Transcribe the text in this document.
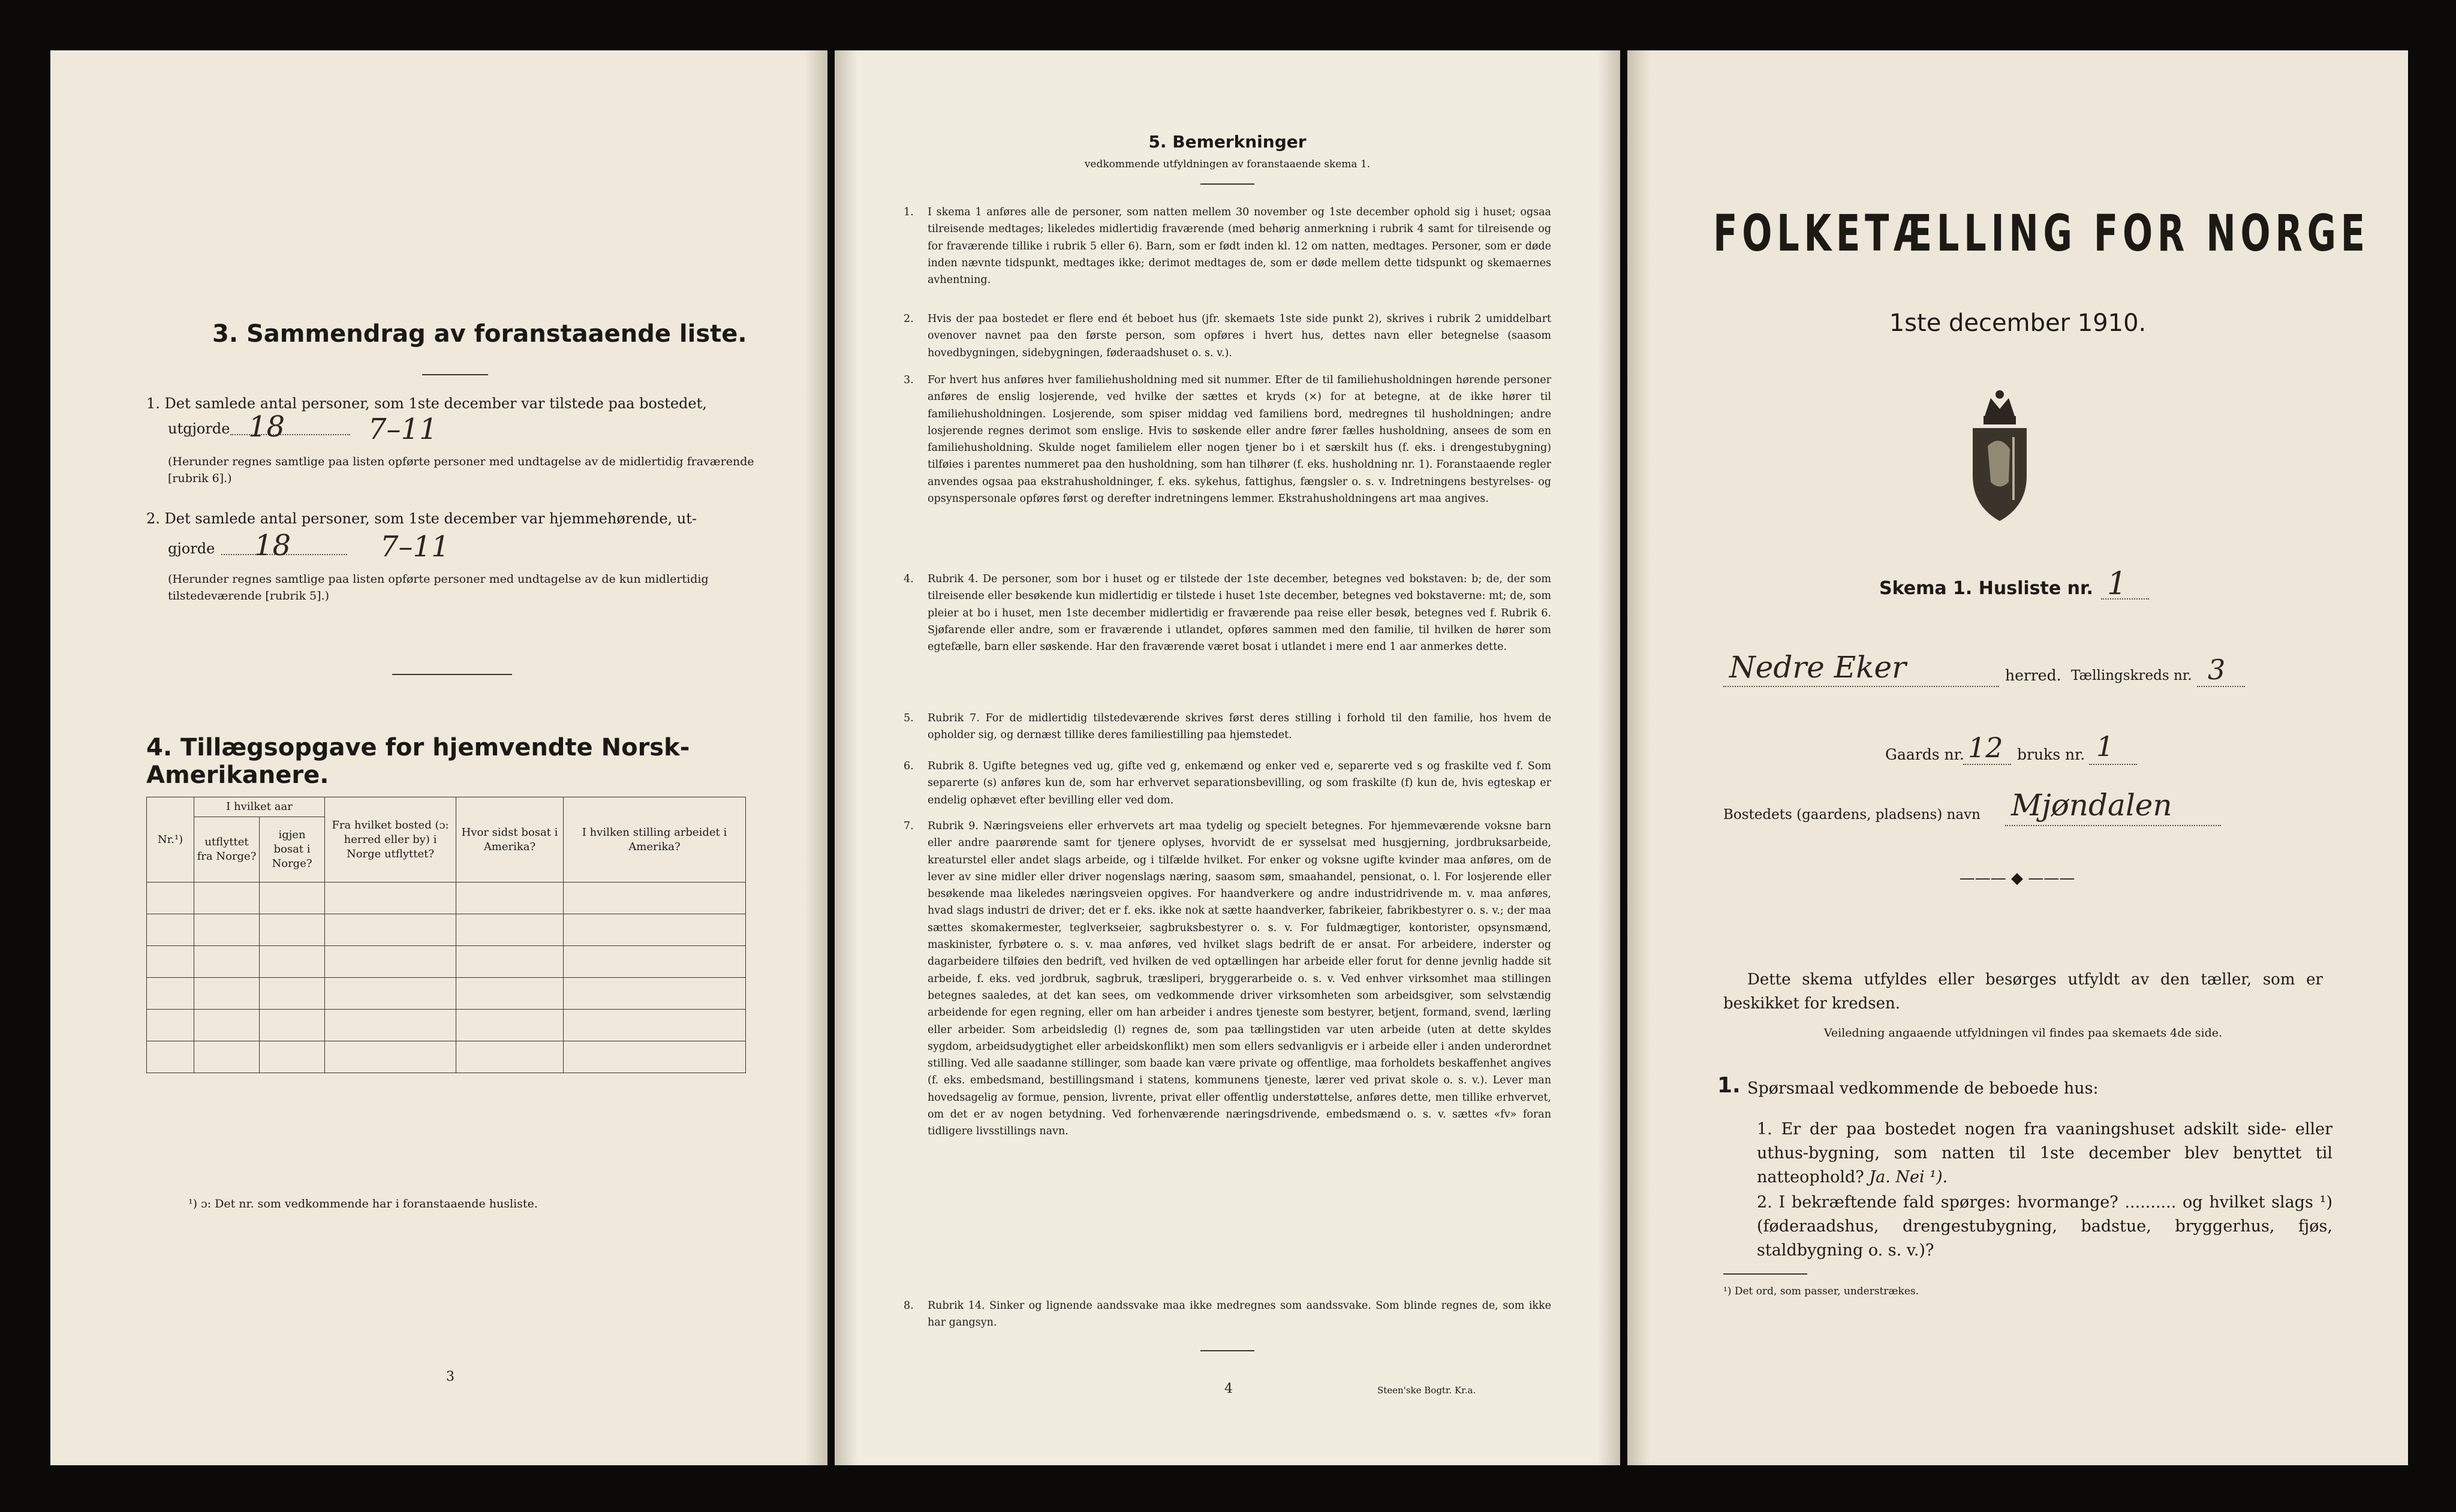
3. Sammendrag av foranstaaende liste.
1. Det samlede antal personer, som 1ste december var tilstede paa bostedet,
utgjorde 18	7–11
(Herunder regnes samtlige paa listen opførte personer med undtagelse av de midlertidig fraværende [rubrik 6].)
2. Det samlede antal personer, som 1ste december var hjemmehørende, ut-
gjorde 18	7–11
(Herunder regnes samtlige paa listen opførte personer med undtagelse av de kun midlertidig tilstedeværende [rubrik 5].)
4. Tillægsopgave for hjemvendte Norsk-Amerikanere.
Nr.¹)	I hvilket aar		Fra hvilket bosted (ɔ: herred eller by) i Norge utflyttet?	Hvor sidst bosat i Amerika?	I hvilken stilling arbeidet i Amerika?
	utflyttet fra Norge?	igjen bosat i Norge?			

¹) ɔ: Det nr. som vedkommende har i foranstaaende husliste.
3
5. Bemerkninger
vedkommende utfyldningen av foranstaaende skema 1.
1. I skema 1 anføres alle de personer, som natten mellem 30 november og 1ste december ophold sig i huset; ogsaa tilreisende medtages; likeledes midlertidig fraværende (med behørig anmerkning i rubrik 4 samt for tilreisende og for fraværende tillike i rubrik 5 eller 6). Barn, som er født inden kl. 12 om natten, medtages. Personer, som er døde inden nævnte tidspunkt, medtages ikke; derimot medtages de, som er døde mellem dette tidspunkt og skemaernes avhentning.
2. Hvis der paa bostedet er flere end ét beboet hus (jfr. skemaets 1ste side punkt 2), skrives i rubrik 2 umiddelbart ovenover navnet paa den første person, som opføres i hvert hus, dettes navn eller betegnelse (saasom hovedbygningen, sidebygningen, føderaadshuset o. s. v.).
3. For hvert hus anføres hver familiehusholdning med sit nummer. Efter de til familiehusholdningen hørende personer anføres de enslig losjerende, ved hvilke der sættes et kryds (×) for at betegne, at de ikke hører til familiehusholdningen. Losjerende, som spiser middag ved familiens bord, medregnes til husholdningen; andre losjerende regnes derimot som enslige. Hvis to søskende eller andre fører fælles husholdning, ansees de som en familiehusholdning. Skulde noget familielem eller nogen tjener bo i et særskilt hus (f. eks. i drengestubygning) tilføies i parentes nummeret paa den husholdning, som han tilhører (f. eks. husholdning nr. 1). Foranstaaende regler anvendes ogsaa paa ekstrahusholdninger, f. eks. sykehus, fattighus, fængsler o. s. v. Indretningens bestyrelses- og opsynspersonale opføres først og derefter indretningens lemmer. Ekstrahusholdningens art maa angives.
4. Rubrik 4. De personer, som bor i huset og er tilstede der 1ste december, betegnes ved bokstaven: b; de, der som tilreisende eller besøkende kun midlertidig er tilstede i huset 1ste december, betegnes ved bokstaverne: mt; de, som pleier at bo i huset, men 1ste december midlertidig er fraværende paa reise eller besøk, betegnes ved f. Rubrik 6. Sjøfarende eller andre, som er fraværende i utlandet, opføres sammen med den familie, til hvilken de hører som egtefælle, barn eller søskende. Har den fraværende været bosat i utlandet i mere end 1 aar anmerkes dette.
5. Rubrik 7. For de midlertidig tilstedeværende skrives først deres stilling i forhold til den familie, hos hvem de opholder sig, og dernæst tillike deres familiestilling paa hjemstedet.
6. Rubrik 8. Ugifte betegnes ved ug, gifte ved g, enkemænd og enker ved e, separerte ved s og fraskilte ved f. Som separerte (s) anføres kun de, som har erhvervet separationsbevilling, og som fraskilte (f) kun de, hvis egteskap er endelig ophævet efter bevilling eller ved dom.
7. Rubrik 9. Næringsveiens eller erhvervets art maa tydelig og specielt betegnes. For hjemmeværende voksne barn eller andre paarørende samt for tjenere oplyses, hvorvidt de er sysselsat med husgjerning, jordbruksarbeide, kreaturstel eller andet slags arbeide, og i tilfælde hvilket. For enker og voksne ugifte kvinder maa anføres, om de lever av sine midler eller driver nogenslags næring, saasom søm, smaahandel, pensionat, o. l. For losjerende eller besøkende maa likeledes næringsveien opgives. For haandverkere og andre industridrivende m. v. maa anføres, hvad slags industri de driver; det er f. eks. ikke nok at sætte haandverker, fabrikeier, fabrikbestyrer o. s. v.; der maa sættes skomakermester, teglverkseier, sagbruksbestyrer o. s. v. For fuldmægtiger, kontorister, opsynsmænd, maskinister, fyrbøtere o. s. v. maa anføres, ved hvilket slags bedrift de er ansat. For arbeidere, inderster og dagarbeidere tilføies den bedrift, ved hvilken de ved optællingen har arbeide eller forut for denne jevnlig hadde sit arbeide, f. eks. ved jordbruk, sagbruk, træsliperi, bryggerarbeide o. s. v. Ved enhver virksomhet maa stillingen betegnes saaledes, at det kan sees, om vedkommende driver virksomheten som arbeidsgiver, som selvstændig arbeidende for egen regning, eller om han arbeider i andres tjeneste som bestyrer, betjent, formand, svend, lærling eller arbeider. Som arbeidsledig (l) regnes de, som paa tællingstiden var uten arbeide (uten at dette skyldes sygdom, arbeidsudygtighet eller arbeidskonflikt) men som ellers sedvanligvis er i arbeide eller i anden underordnet stilling. Ved alle saadanne stillinger, som baade kan være private og offentlige, maa forholdets beskaffenhet angives (f. eks. embedsmand, bestillingsmand i statens, kommunens tjeneste, lærer ved privat skole o. s. v.). Lever man hovedsagelig av formue, pension, livrente, privat eller offentlig understøttelse, anføres dette, men tillike erhvervet, om det er av nogen betydning. Ved forhenværende næringsdrivende, embedsmænd o. s. v. sættes «fv» foran tidligere livsstillings navn.
8. Rubrik 14. Sinker og lignende aandssvake maa ikke medregnes som aandssvake. Som blinde regnes de, som ikke har gangsyn.
4	Steen'ske Bogtr. Kr.a.
FOLKETÆLLING FOR NORGE
1ste december 1910.
Skema 1. Husliste nr. 1
Nedre Eker	herred. Tællingskreds nr. 3
Gaards nr. 12 bruks nr. 1
Bostedets (gaardens, pladsens) navn Mjøndalen
——— ◆ ———
Dette skema utfyldes eller besørges utfyldt av den tæller, som er beskikket for kredsen.
Veiledning angaaende utfyldningen vil findes paa skemaets 4de side.
1. Spørsmaal vedkommende de beboede hus:
1. Er der paa bostedet nogen fra vaaningshuset adskilt side- eller uthus-bygning, som natten til 1ste december blev benyttet til natteophold? Ja. Nei ¹).
2. I bekræftende fald spørges: hvormange? .......... og hvilket slags ¹) (føderaadshus, drengestubygning, badstue, bryggerhus, fjøs, staldbygning o. s. v.)?
¹) Det ord, som passer, understrækes.
